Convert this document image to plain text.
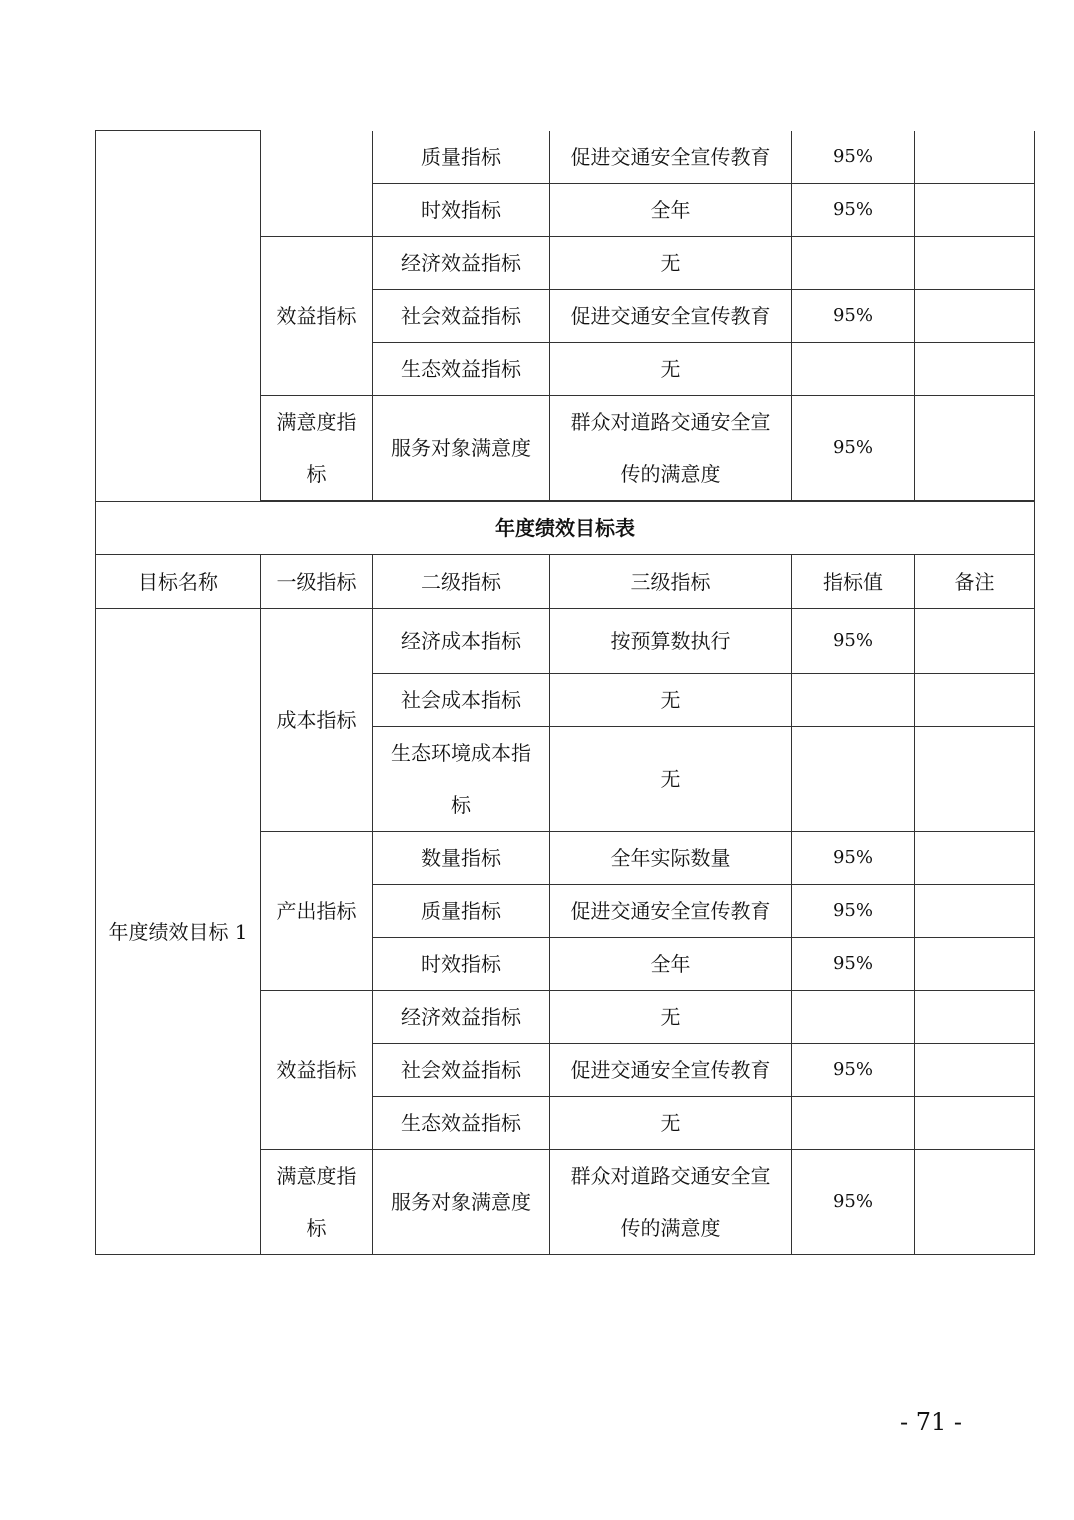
		质量指标	促进交通安全宣传教育	95%	
		时效指标	全年	95%	
	效益指标	经济效益指标	无		
		社会效益指标	促进交通安全宣传教育	95%	
		生态效益指标	无		
	满意度指
标	服务对象满意度	群众对道路交通安全宣
传的满意度	95%	

年度绩效目标表					
目标名称	一级指标	二级指标	三级指标	指标值	备注
年度绩效目标 1	成本指标	经济成本指标	按预算数执行	95%	
		社会成本指标	无		
		生态环境成本指
标	无		
	产出指标	数量指标	全年实际数量	95%	
		质量指标	促进交通安全宣传教育	95%	
		时效指标	全年	95%	
	效益指标	经济效益指标	无		
		社会效益指标	促进交通安全宣传教育	95%	
		生态效益指标	无		
	满意度指
标	服务对象满意度	群众对道路交通安全宣
传的满意度	95%	
- 71 -
